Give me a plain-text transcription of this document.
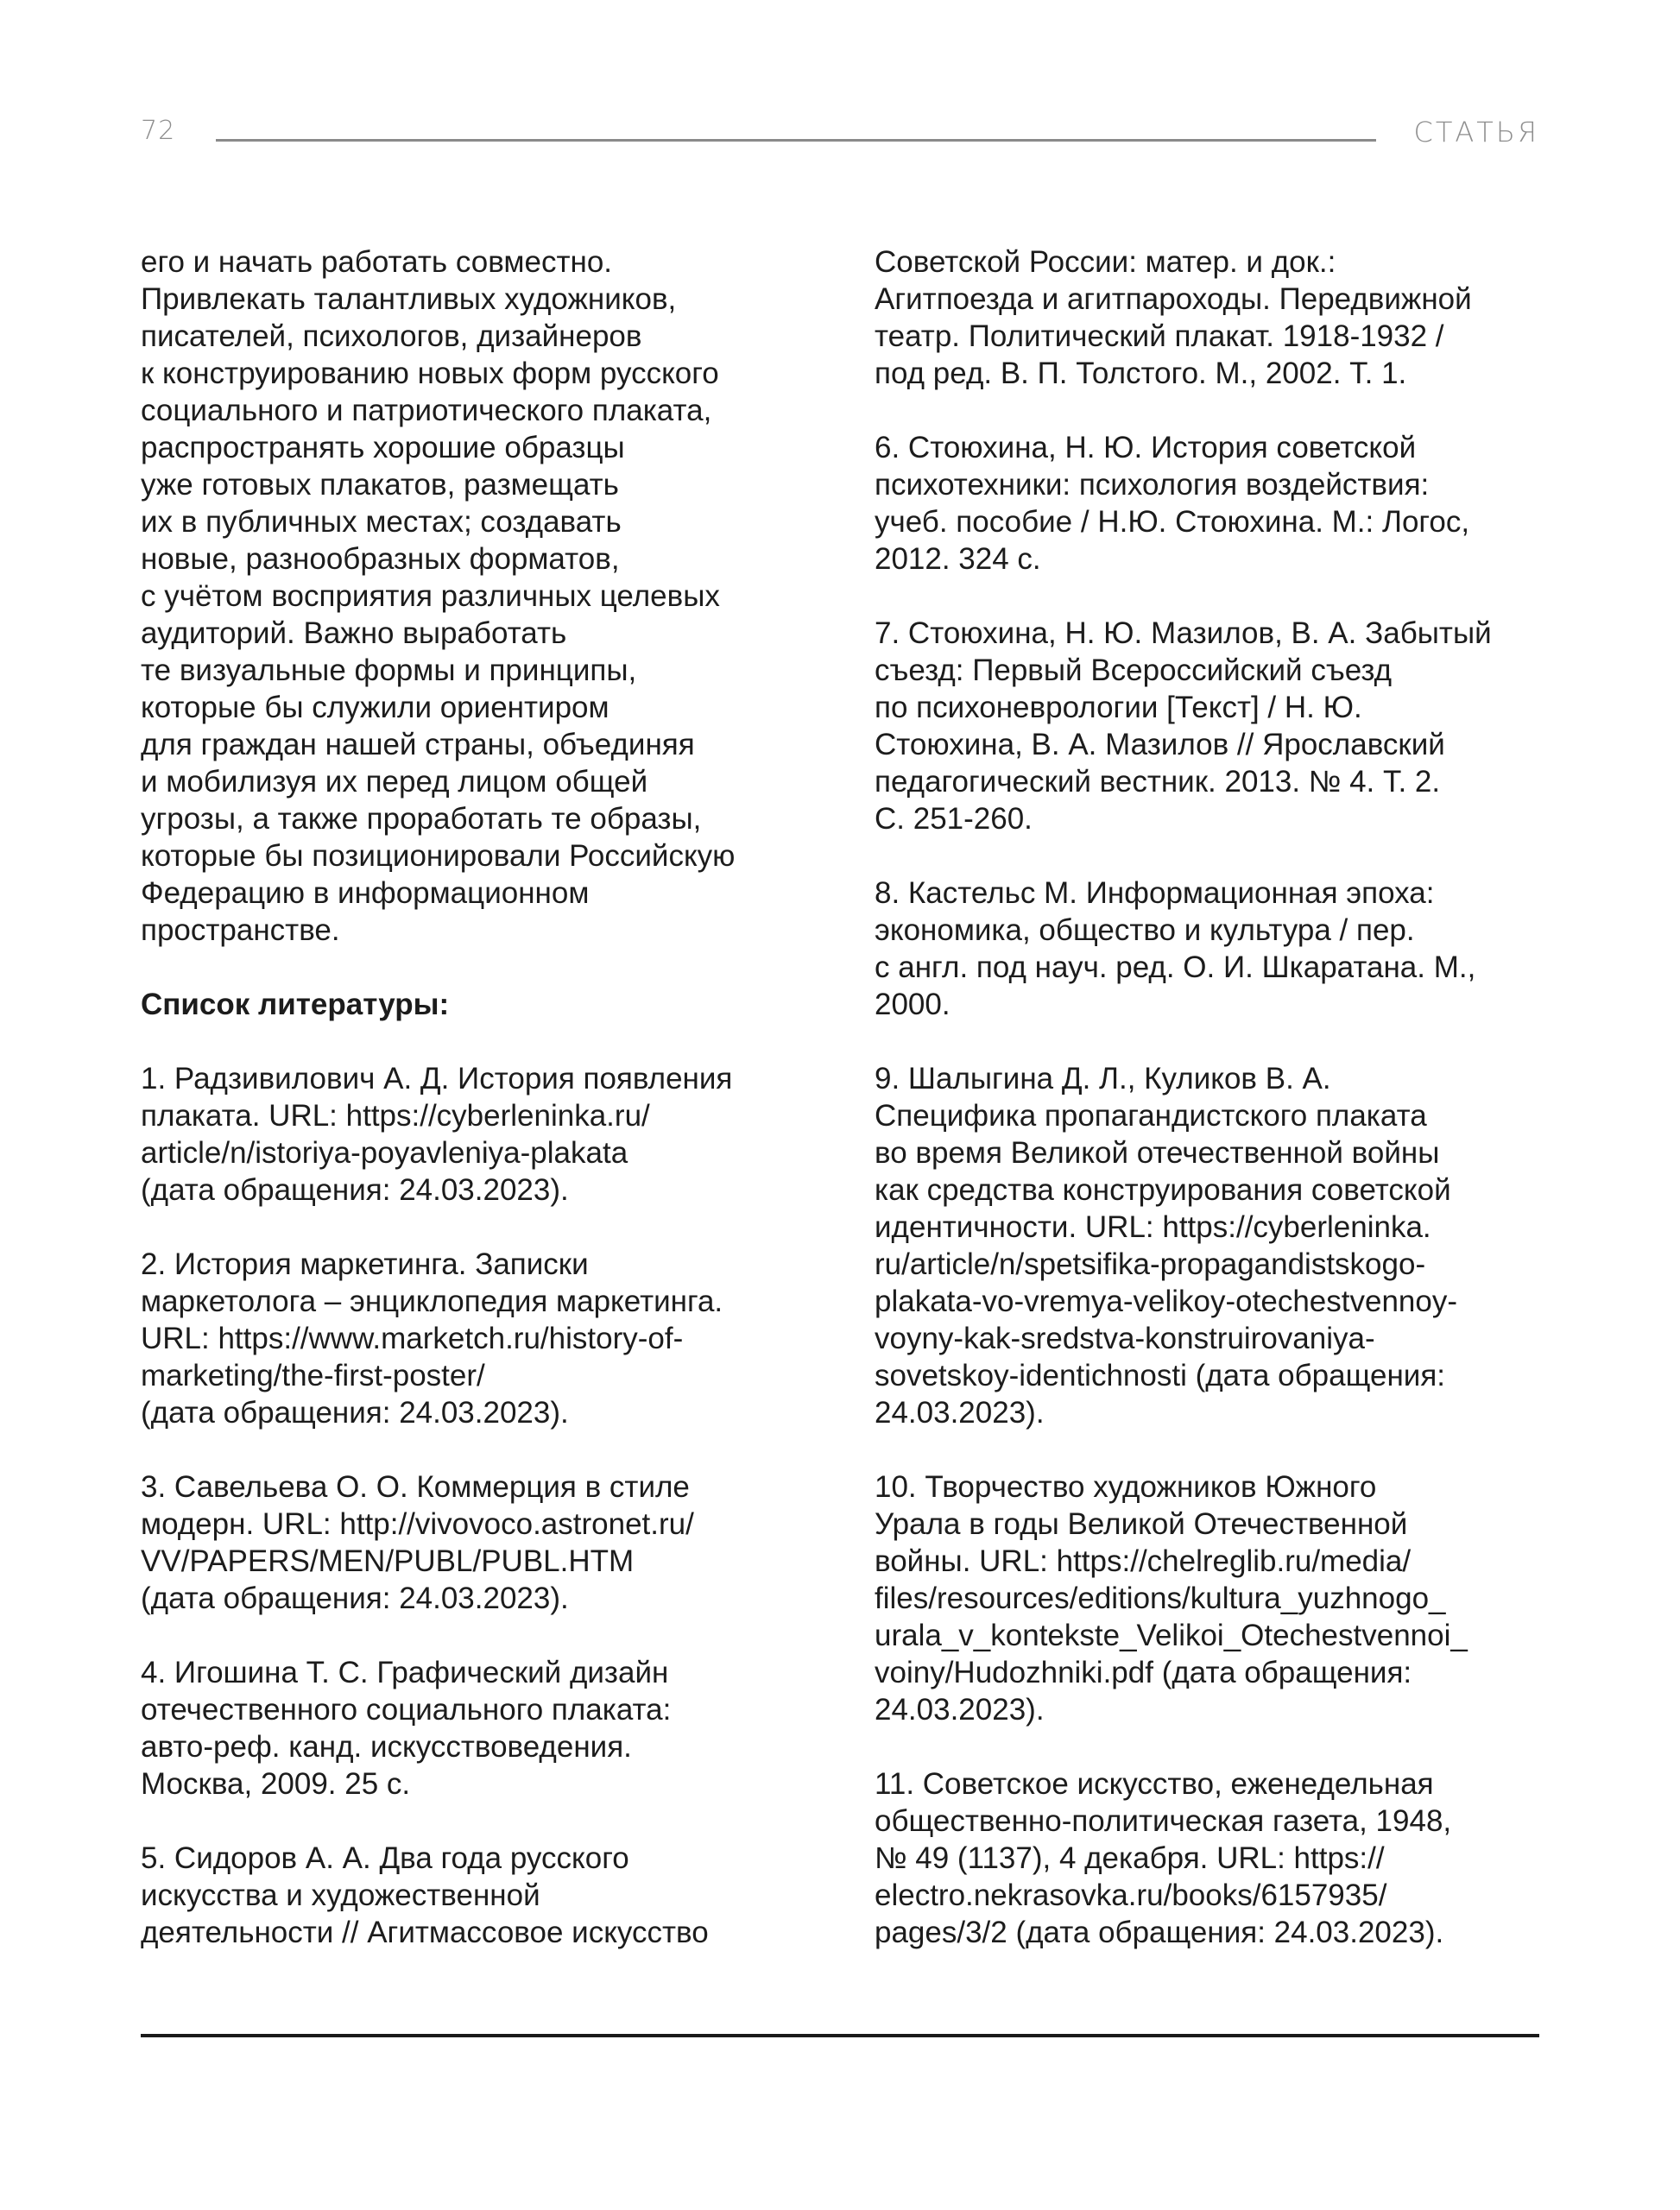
72	СТАТЬЯ

его и начать работать совместно.
Привлекать талантливых художников,
писателей, психологов, дизайнеров
к конструированию новых форм русского
социального и патриотического плаката,
распространять хорошие образцы
уже готовых плакатов, размещать
их в публичных местах; создавать
новые, разнообразных форматов,
с учётом восприятия различных целевых
аудиторий. Важно выработать
те визуальные формы и принципы,
которые бы служили ориентиром
для граждан нашей страны, объединяя
и мобилизуя их перед лицом общей
угрозы, а также проработать те образы,
которые бы позиционировали Российскую
Федерацию в информационном
пространстве.

Список литературы:

1. Радзивилович А. Д. История появления
плаката. URL: https://cyberleninka.ru/
article/n/istoriya-poyavleniya-plakata
(дата обращения: 24.03.2023).

2. История маркетинга. Записки
маркетолога – энциклопедия маркетинга.
URL: https://www.marketch.ru/history-of-
marketing/the-first-poster/
(дата обращения: 24.03.2023).

3. Савельева О. О. Коммерция в стиле
модерн. URL: http://vivovoco.astronet.ru/
VV/PAPERS/MEN/PUBL/PUBL.HTM
(дата обращения: 24.03.2023).

4. Игошина Т. С. Графический дизайн
отечественного социального плаката:
авто-реф. канд. искусствоведения.
Москва, 2009. 25 с.

5. Сидоров А. А. Два года русского
искусства и художественной
деятельности // Агитмассовое искусство

Советской России: матер. и док.:
Агитпоезда и агитпароходы. Передвижной
театр. Политический плакат. 1918-1932 /
под ред. В. П. Толстого. М., 2002. Т. 1.

6. Стоюхина, Н. Ю. История советской
психотехники: психология воздействия:
учеб. пособие / Н.Ю. Стоюхина. М.: Логос,
2012. 324 с.

7. Стоюхина, Н. Ю. Мазилов, В. А. Забытый
съезд: Первый Всероссийский съезд
по психоневрологии [Текст] / Н. Ю.
Стоюхина, В. А. Мазилов // Ярославский
педагогический вестник. 2013. № 4. Т. 2.
С. 251-260.

8. Кастельс М. Информационная эпоха:
экономика, общество и культура / пер.
с англ. под науч. ред. О. И. Шкаратана. М.,
2000.

9. Шалыгина Д. Л., Куликов В. А.
Специфика пропагандистского плаката
во время Великой отечественной войны
как средства конструирования советской
идентичности. URL: https://cyberleninka.
ru/article/n/spetsifika-propagandistskogo-
plakata-vo-vremya-velikoy-otechestvennoy-
voyny-kak-sredstva-konstruirovaniya-
sovetskoy-identichnosti (дата обращения:
24.03.2023).

10. Творчество художников Южного
Урала в годы Великой Отечественной
войны. URL: https://chelreglib.ru/media/
files/resources/editions/kultura_yuzhnogo_
urala_v_kontekste_Velikoi_Otechestvennoi_
voiny/Hudozhniki.pdf (дата обращения:
24.03.2023).

11. Советское искусство, еженедельная
общественно-политическая газета, 1948,
№ 49 (1137), 4 декабря. URL: https://
electro.nekrasovka.ru/books/6157935/
pages/3/2 (дата обращения: 24.03.2023).
